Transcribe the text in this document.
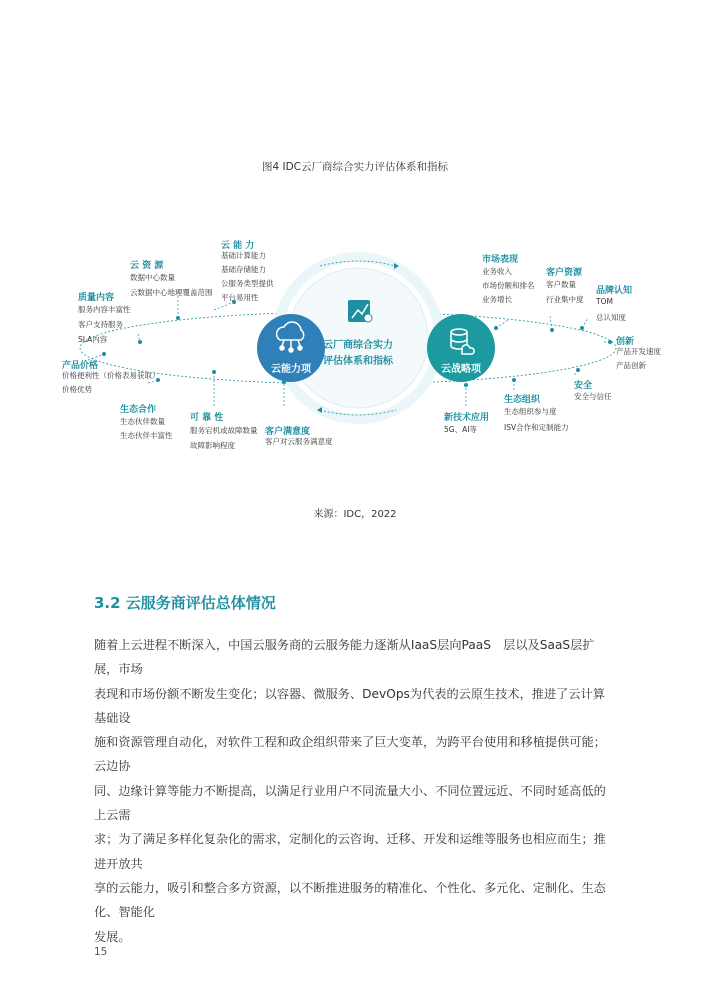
图4 IDC云厂商综合实力评估体系和指标
云厂商综合实力
评估体系和指标
云能力项	云战略项
云 资 源
数据中心数量
云数据中心地理覆盖范围
云 能 力
基础计算能力
基础存储能力
公服务类型提供
平台易用性
质量内容
服务内容丰富性
客户支持服务
SLA内容
产品价格
价格便利性（价格表易获取）
价格优势
生态合作
生态伙伴数量
生态伙伴丰富性
可 靠 性
服务宕机或故障数量
故障影响程度
客户满意度
客户对云服务满意度
市场表现
业务收入
市场份额和排名
业务增长
客户资源
客户数量
行业集中度
品牌认知
TOM
总认知度
创新
产品开发速度
产品创新
安全
安全与信任
生态组织
生态组织参与度
ISV合作和定制能力
新技术应用
5G、AI等
来源：IDC，2022
3.2 云服务商评估总体情况
随着上云进程不断深入，中国云服务商的云服务能力逐渐从IaaS层向PaaS　层以及SaaS层扩展，市场
表现和市场份额不断发生变化；以容器、微服务、DevOps为代表的云原生技术，推进了云计算基础设
施和资源管理自动化，对软件工程和政企组织带来了巨大变革，为跨平台使用和移植提供可能；云边协
同、边缘计算等能力不断提高，以满足行业用户不同流量大小、不同位置远近、不同时延高低的上云需
求；为了满足多样化复杂化的需求，定制化的云咨询、迁移、开发和运维等服务也相应而生；推进开放共
享的云能力，吸引和整合多方资源，以不断推进服务的精准化、个性化、多元化、定制化、生态化、智能化
发展。
15
